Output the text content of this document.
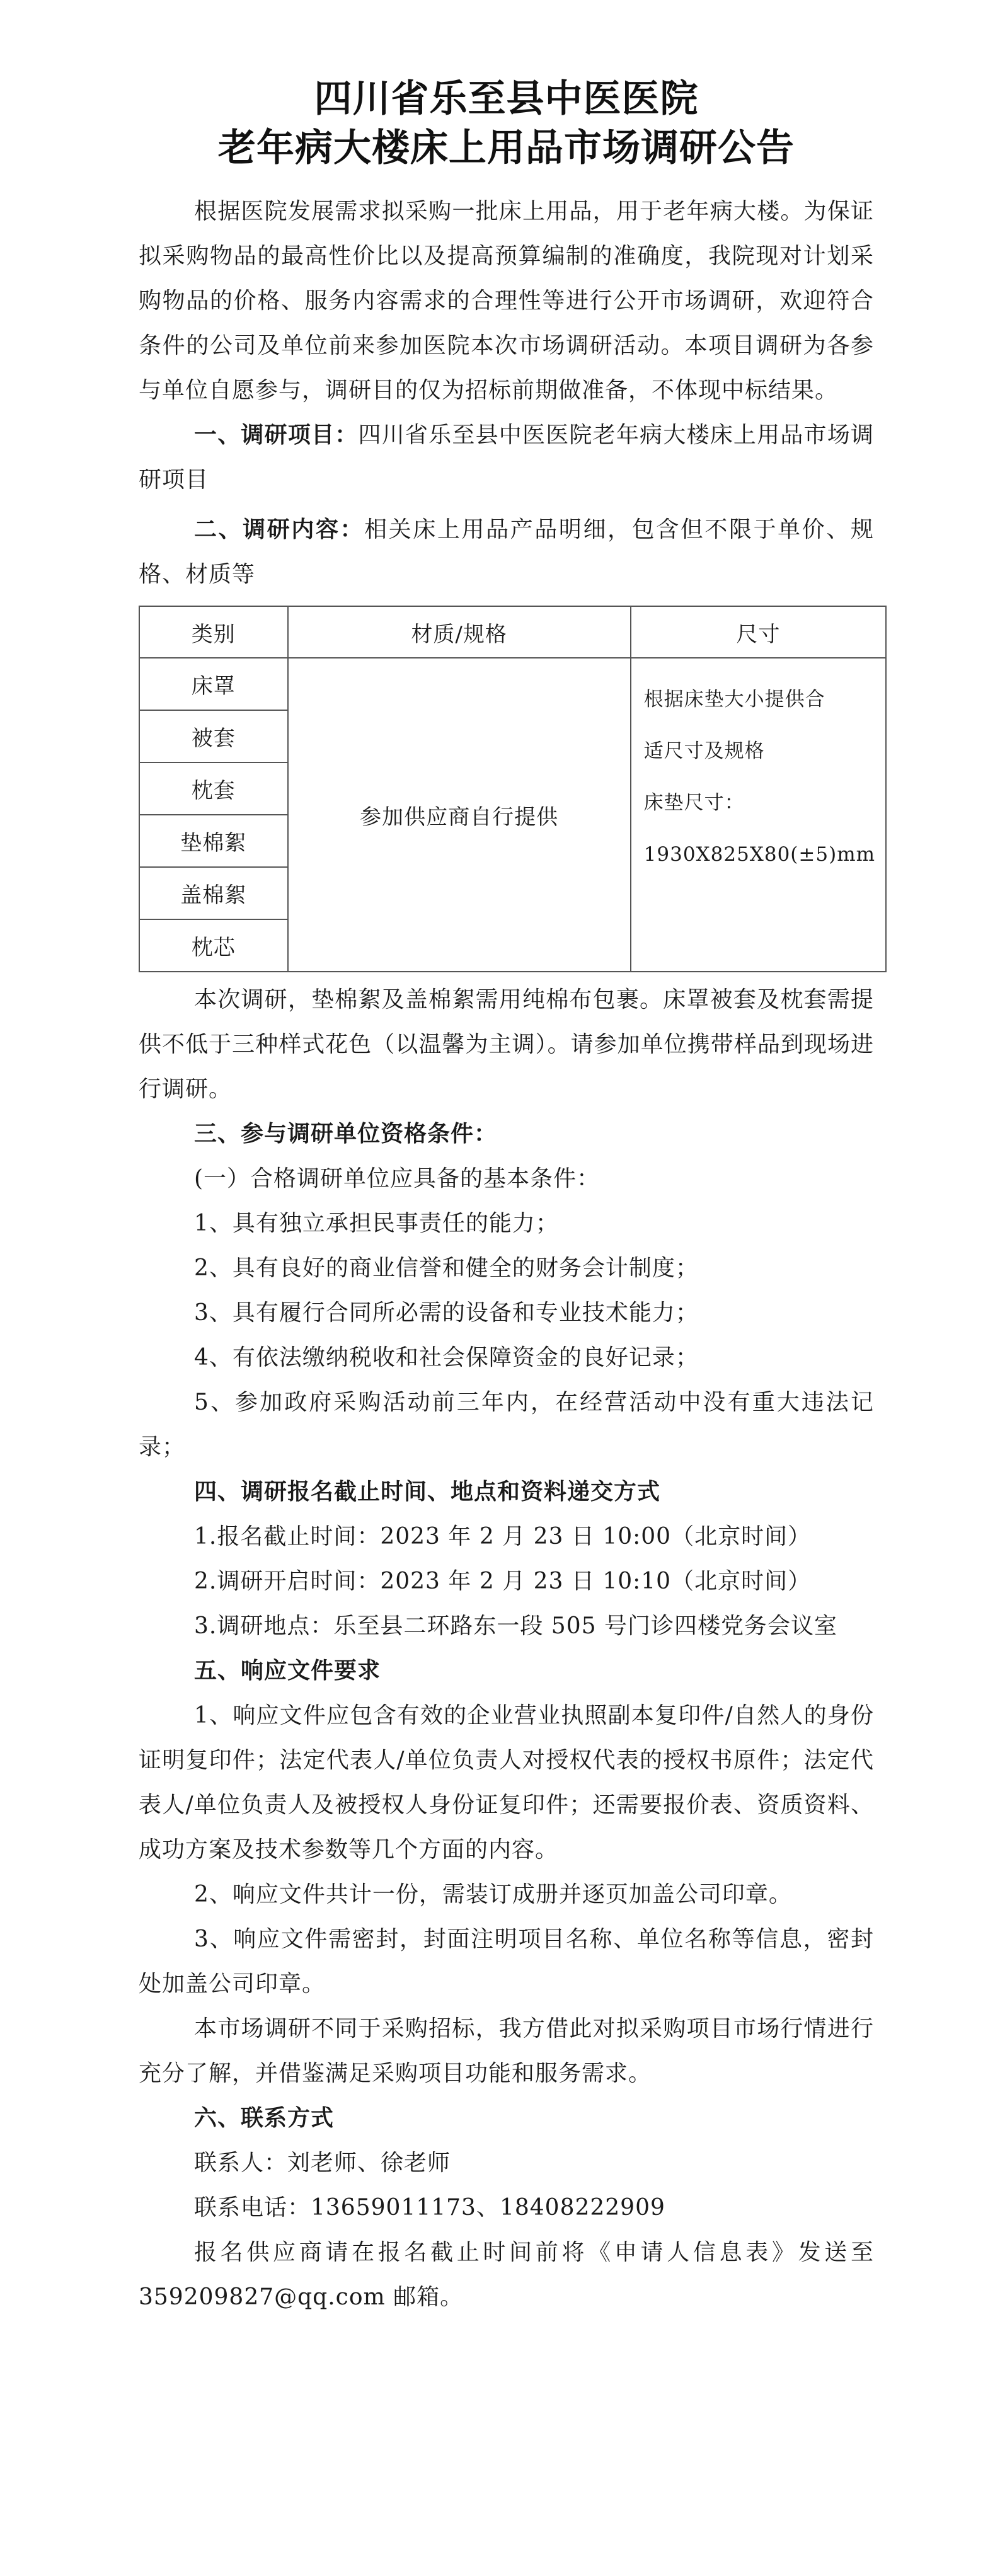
四川省乐至县中医医院
老年病大楼床上用品市场调研公告

根据医院发展需求拟采购一批床上用品，用于老年病大楼。为保证拟采购物品的最高性价比以及提高预算编制的准确度，我院现对计划采购物品的价格、服务内容需求的合理性等进行公开市场调研，欢迎符合条件的公司及单位前来参加医院本次市场调研活动。本项目调研为各参与单位自愿参与，调研目的仅为招标前期做准备，不体现中标结果。

一、调研项目：四川省乐至县中医医院老年病大楼床上用品市场调研项目

二、调研内容：相关床上用品产品明细，包含但不限于单价、规格、材质等

类别	材质/规格	尺寸
床罩	参加供应商自行提供	根据床垫大小提供合
适尺寸及规格
床垫尺寸：
1930X825X80(±5)mm

被套		
枕套		
垫棉絮		
盖棉絮		
枕芯		

本次调研，垫棉絮及盖棉絮需用纯棉布包裹。床罩被套及枕套需提供不低于三种样式花色（以温馨为主调）。请参加单位携带样品到现场进行调研。

三、参与调研单位资格条件：

(一）合格调研单位应具备的基本条件：

1、具有独立承担民事责任的能力；

2、具有良好的商业信誉和健全的财务会计制度；

3、具有履行合同所必需的设备和专业技术能力；

4、有依法缴纳税收和社会保障资金的良好记录；

5、参加政府采购活动前三年内，在经营活动中没有重大违法记录；

四、调研报名截止时间、地点和资料递交方式

1.报名截止时间：2023 年 2 月 23 日 10:00（北京时间）

2.调研开启时间：2023 年 2 月 23 日 10:10（北京时间）

3.调研地点：乐至县二环路东一段 505 号门诊四楼党务会议室

五、响应文件要求

1、响应文件应包含有效的企业营业执照副本复印件/自然人的身份证明复印件；法定代表人/单位负责人对授权代表的授权书原件；法定代表人/单位负责人及被授权人身份证复印件；还需要报价表、资质资料、成功方案及技术参数等几个方面的内容。

2、响应文件共计一份，需装订成册并逐页加盖公司印章。

3、响应文件需密封，封面注明项目名称、单位名称等信息，密封处加盖公司印章。

本市场调研不同于采购招标，我方借此对拟采购项目市场行情进行充分了解，并借鉴满足采购项目功能和服务需求。

六、联系方式

联系人：刘老师、徐老师

联系电话：13659011173、18408222909

报名供应商请在报名截止时间前将《申请人信息表》发送至 359209827@qq.com 邮箱。
